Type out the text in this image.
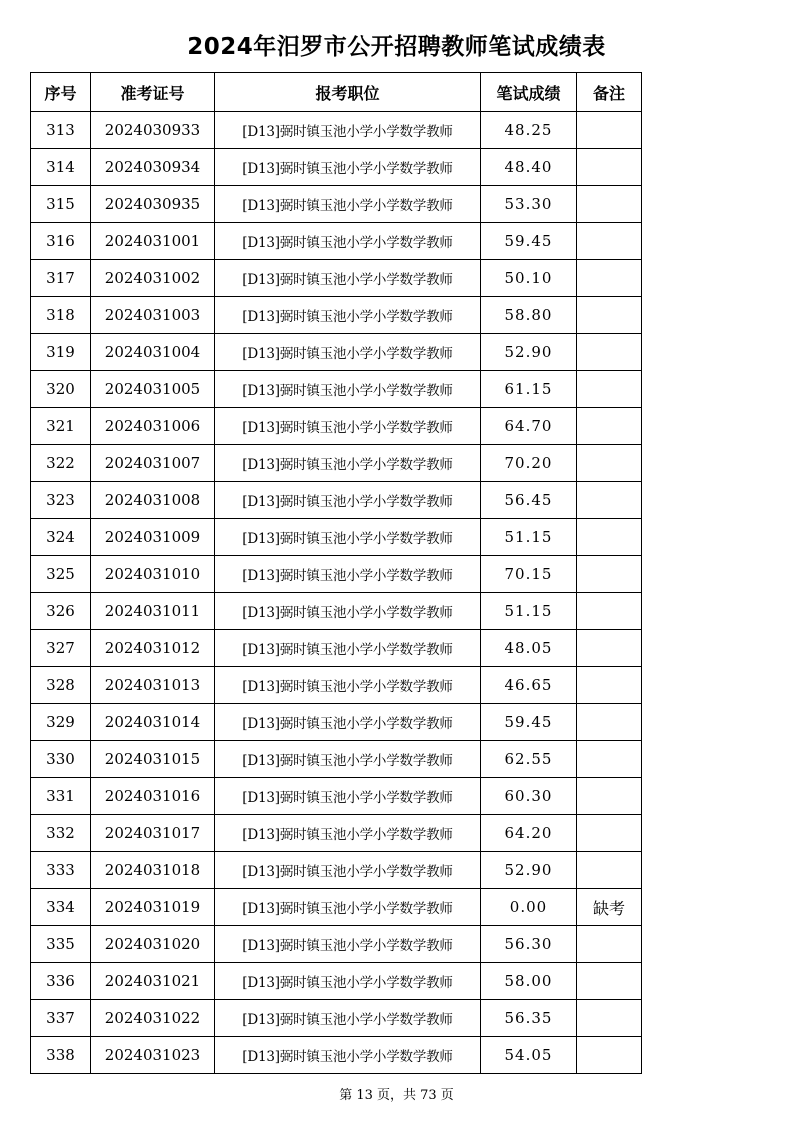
2024年汨罗市公开招聘教师笔试成绩表
序号	准考证号	报考职位	笔试成绩	备注
313	2024030933	[D13]弼时镇玉池小学小学数学教师	48.25	
314	2024030934	[D13]弼时镇玉池小学小学数学教师	48.40	
315	2024030935	[D13]弼时镇玉池小学小学数学教师	53.30	
316	2024031001	[D13]弼时镇玉池小学小学数学教师	59.45	
317	2024031002	[D13]弼时镇玉池小学小学数学教师	50.10	
318	2024031003	[D13]弼时镇玉池小学小学数学教师	58.80	
319	2024031004	[D13]弼时镇玉池小学小学数学教师	52.90	
320	2024031005	[D13]弼时镇玉池小学小学数学教师	61.15	
321	2024031006	[D13]弼时镇玉池小学小学数学教师	64.70	
322	2024031007	[D13]弼时镇玉池小学小学数学教师	70.20	
323	2024031008	[D13]弼时镇玉池小学小学数学教师	56.45	
324	2024031009	[D13]弼时镇玉池小学小学数学教师	51.15	
325	2024031010	[D13]弼时镇玉池小学小学数学教师	70.15	
326	2024031011	[D13]弼时镇玉池小学小学数学教师	51.15	
327	2024031012	[D13]弼时镇玉池小学小学数学教师	48.05	
328	2024031013	[D13]弼时镇玉池小学小学数学教师	46.65	
329	2024031014	[D13]弼时镇玉池小学小学数学教师	59.45	
330	2024031015	[D13]弼时镇玉池小学小学数学教师	62.55	
331	2024031016	[D13]弼时镇玉池小学小学数学教师	60.30	
332	2024031017	[D13]弼时镇玉池小学小学数学教师	64.20	
333	2024031018	[D13]弼时镇玉池小学小学数学教师	52.90	
334	2024031019	[D13]弼时镇玉池小学小学数学教师	0.00	缺考
335	2024031020	[D13]弼时镇玉池小学小学数学教师	56.30	
336	2024031021	[D13]弼时镇玉池小学小学数学教师	58.00	
337	2024031022	[D13]弼时镇玉池小学小学数学教师	56.35	
338	2024031023	[D13]弼时镇玉池小学小学数学教师	54.05	
第 13 页，共 73 页
